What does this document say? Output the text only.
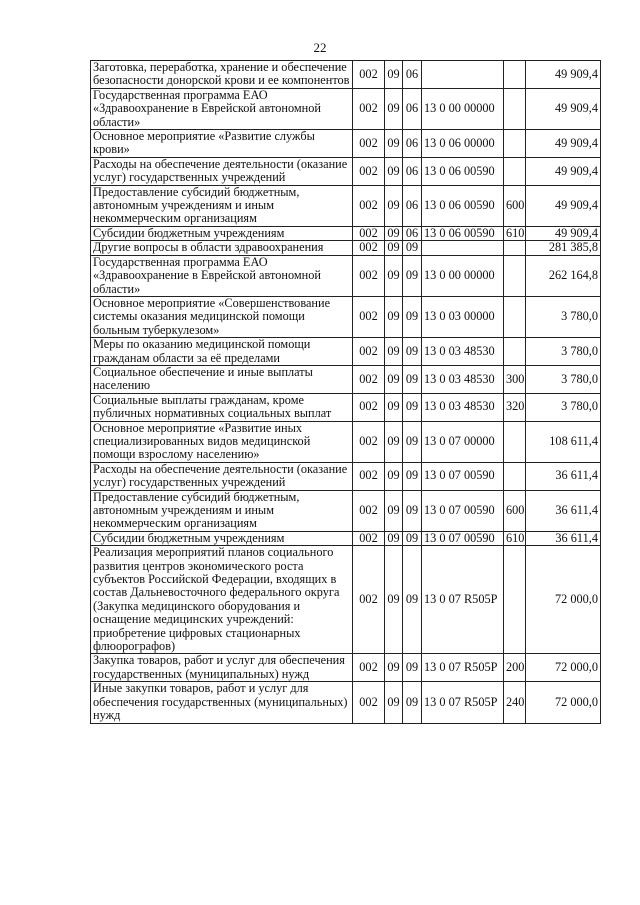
22
Заготовка, переработка, хранение и обеспечение безопасности донорской крови и ее компонентов	002	09	06			49 909,4
Государственная программа ЕАО «Здравоохранение в Еврейской автономной области»	002	09	06	13 0 00 00000		49 909,4
Основное мероприятие «Развитие службы крови»	002	09	06	13 0 06 00000		49 909,4
Расходы на обеспечение деятельности (оказание услуг) государственных учреждений	002	09	06	13 0 06 00590		49 909,4
Предоставление субсидий бюджетным, автономным учреждениям и иным некоммерческим организациям	002	09	06	13 0 06 00590	600	49 909,4
Субсидии бюджетным учреждениям	002	09	06	13 0 06 00590	610	49 909,4
Другие вопросы в области здравоохранения	002	09	09			281 385,8
Государственная программа ЕАО «Здравоохранение в Еврейской автономной области»	002	09	09	13 0 00 00000		262 164,8
Основное мероприятие «Совершенствование системы оказания медицинской помощи больным туберкулезом»	002	09	09	13 0 03 00000		3 780,0
Меры по оказанию медицинской помощи гражданам области за её пределами	002	09	09	13 0 03 48530		3 780,0
Социальное обеспечение и иные выплаты населению	002	09	09	13 0 03 48530	300	3 780,0
Социальные выплаты гражданам, кроме публичных нормативных социальных выплат	002	09	09	13 0 03 48530	320	3 780,0
Основное мероприятие «Развитие иных специализированных видов медицинской помощи взрослому населению»	002	09	09	13 0 07 00000		108 611,4
Расходы на обеспечение деятельности (оказание услуг) государственных учреждений	002	09	09	13 0 07 00590		36 611,4
Предоставление субсидий бюджетным, автономным учреждениям и иным некоммерческим организациям	002	09	09	13 0 07 00590	600	36 611,4
Субсидии бюджетным учреждениям	002	09	09	13 0 07 00590	610	36 611,4
Реализация мероприятий планов социального развития центров экономического роста субъектов Российской Федерации, входящих в состав Дальневосточного федерального округа (Закупка медицинского оборудования и оснащение медицинских учреждений: приобретение цифровых стационарных флюорографов)	002	09	09	13 0 07 R505P		72 000,0
Закупка товаров, работ и услуг для обеспечения государственных (муниципальных) нужд	002	09	09	13 0 07 R505P	200	72 000,0
Иные закупки товаров, работ и услуг для обеспечения государственных (муниципальных) нужд	002	09	09	13 0 07 R505P	240	72 000,0
